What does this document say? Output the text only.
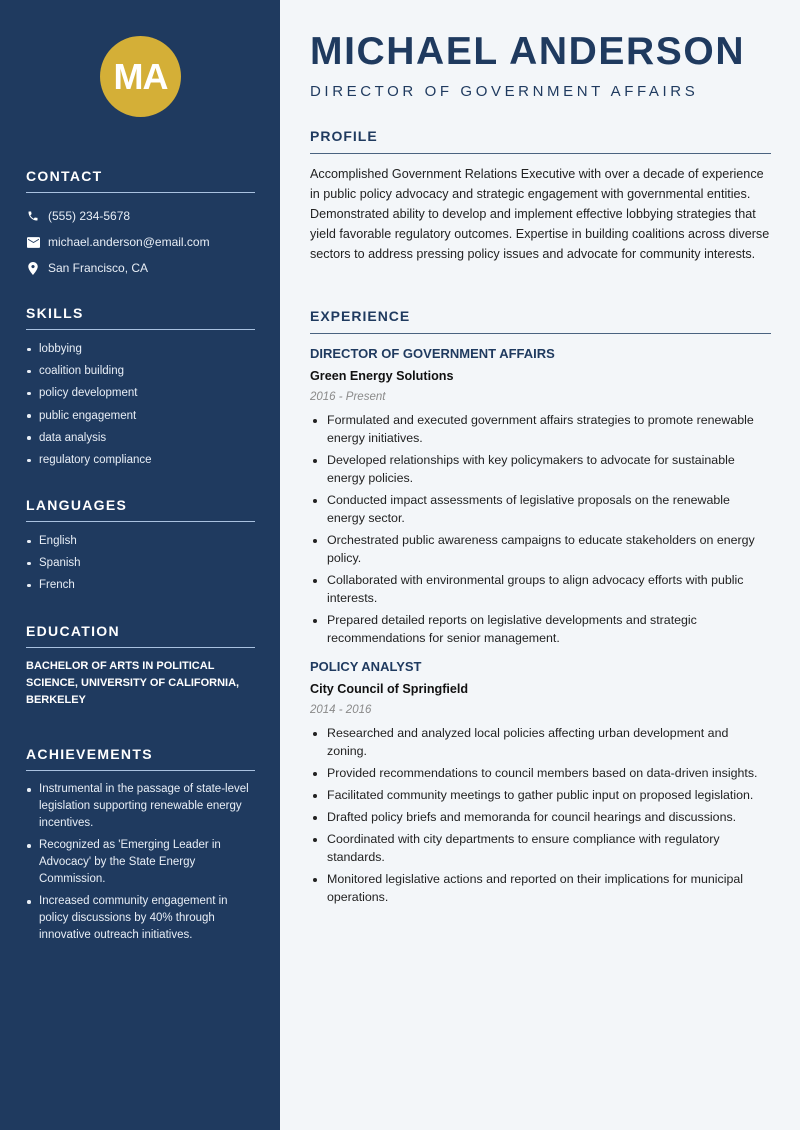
MA
CONTACT
(555) 234-5678
michael.anderson@email.com
San Francisco, CA
SKILLS
lobbying
coalition building
policy development
public engagement
data analysis
regulatory compliance
LANGUAGES
English
Spanish
French
EDUCATION
BACHELOR OF ARTS IN POLITICAL SCIENCE, UNIVERSITY OF CALIFORNIA, BERKELEY
ACHIEVEMENTS
Instrumental in the passage of state-level legislation supporting renewable energy incentives.
Recognized as 'Emerging Leader in Advocacy' by the State Energy Commission.
Increased community engagement in policy discussions by 40% through innovative outreach initiatives.
MICHAEL ANDERSON
DIRECTOR OF GOVERNMENT AFFAIRS
PROFILE

Accomplished Government Relations Executive with over a decade of experience in public policy advocacy and strategic engagement with governmental entities. Demonstrated ability to develop and implement effective lobbying strategies that yield favorable regulatory outcomes. Expertise in building coalitions across diverse sectors to address pressing policy issues and advocate for community interests.

EXPERIENCE
DIRECTOR OF GOVERNMENT AFFAIRS
Green Energy Solutions
2016 - Present
Formulated and executed government affairs strategies to promote renewable energy initiatives.
Developed relationships with key policymakers to advocate for sustainable energy policies.
Conducted impact assessments of legislative proposals on the renewable energy sector.
Orchestrated public awareness campaigns to educate stakeholders on energy policy.
Collaborated with environmental groups to align advocacy efforts with public interests.
Prepared detailed reports on legislative developments and strategic recommendations for senior management.
POLICY ANALYST
City Council of Springfield
2014 - 2016
Researched and analyzed local policies affecting urban development and zoning.
Provided recommendations to council members based on data-driven insights.
Facilitated community meetings to gather public input on proposed legislation.
Drafted policy briefs and memoranda for council hearings and discussions.
Coordinated with city departments to ensure compliance with regulatory standards.
Monitored legislative actions and reported on their implications for municipal operations.
